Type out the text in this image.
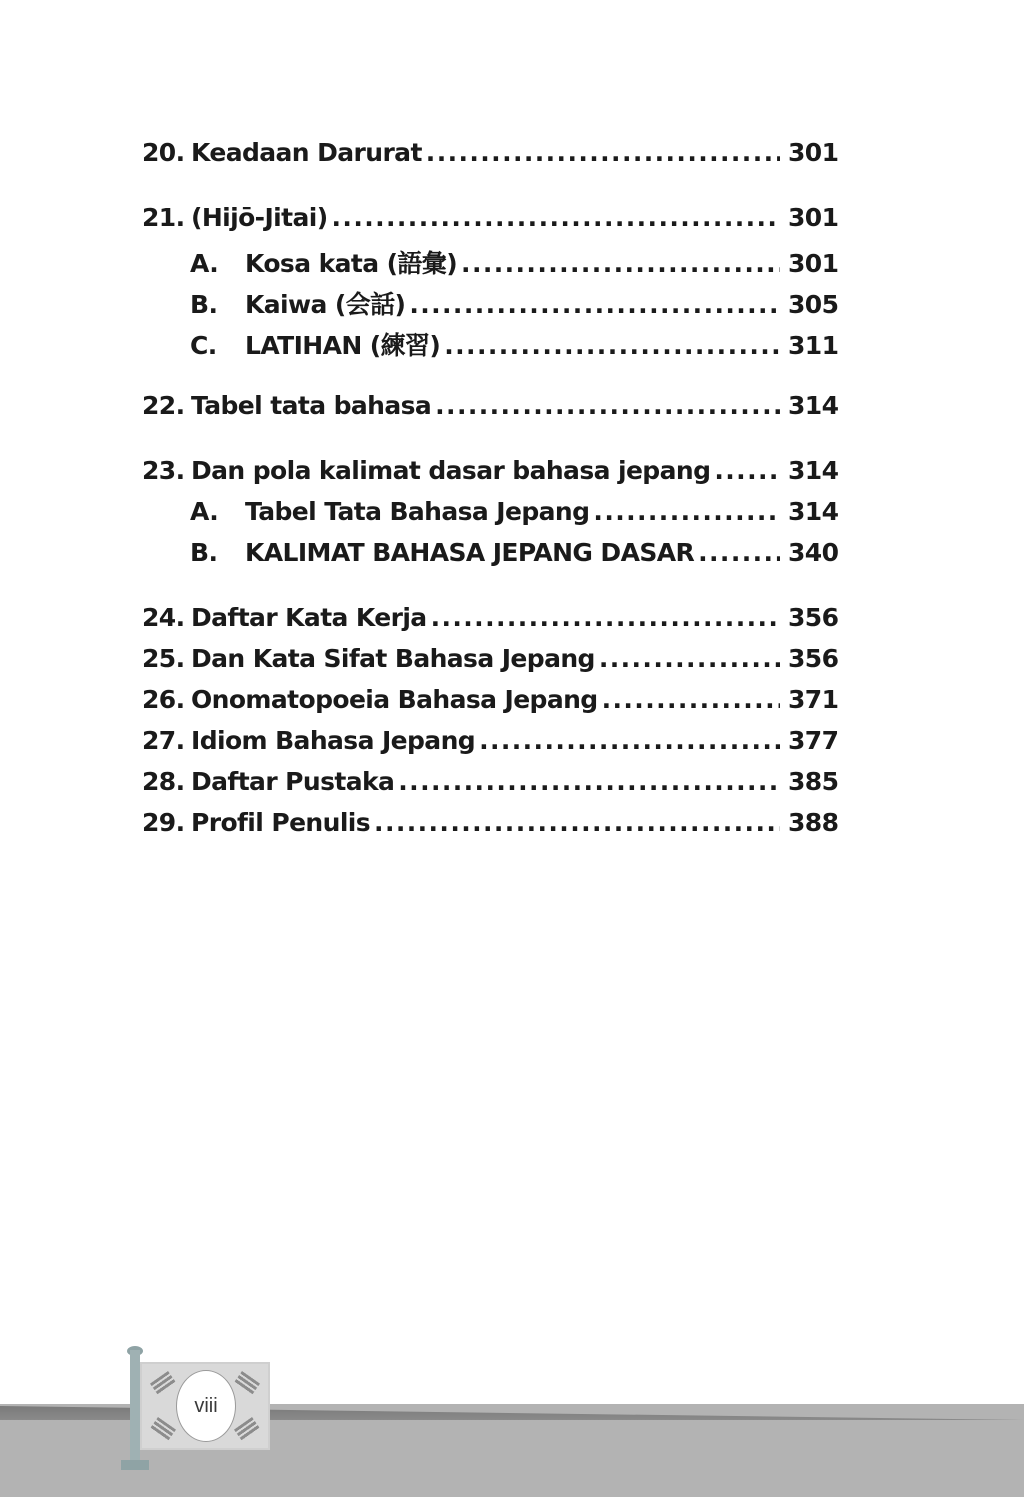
20. Keadaan Darurat .....	301
21. (Hijō-Jitai) .....	301
A.	Kosa kata (語彙) .....	301
B.	Kaiwa (会話) .....	305
C.	LATIHAN (練習) .....	311
22. Tabel tata bahasa .....	314
23. Dan pola kalimat dasar bahasa jepang .....	314
A.	Tabel Tata Bahasa Jepang .....	314
B.	KALIMAT BAHASA JEPANG DASAR .....	340
24. Daftar Kata Kerja .....	356
25. Dan Kata Sifat Bahasa Jepang .....	356
26. Onomatopoeia Bahasa Jepang .....	371
27. Idiom Bahasa Jepang .....	377
28. Daftar Pustaka .....	385
29. Profil Penulis .....	388
viii
